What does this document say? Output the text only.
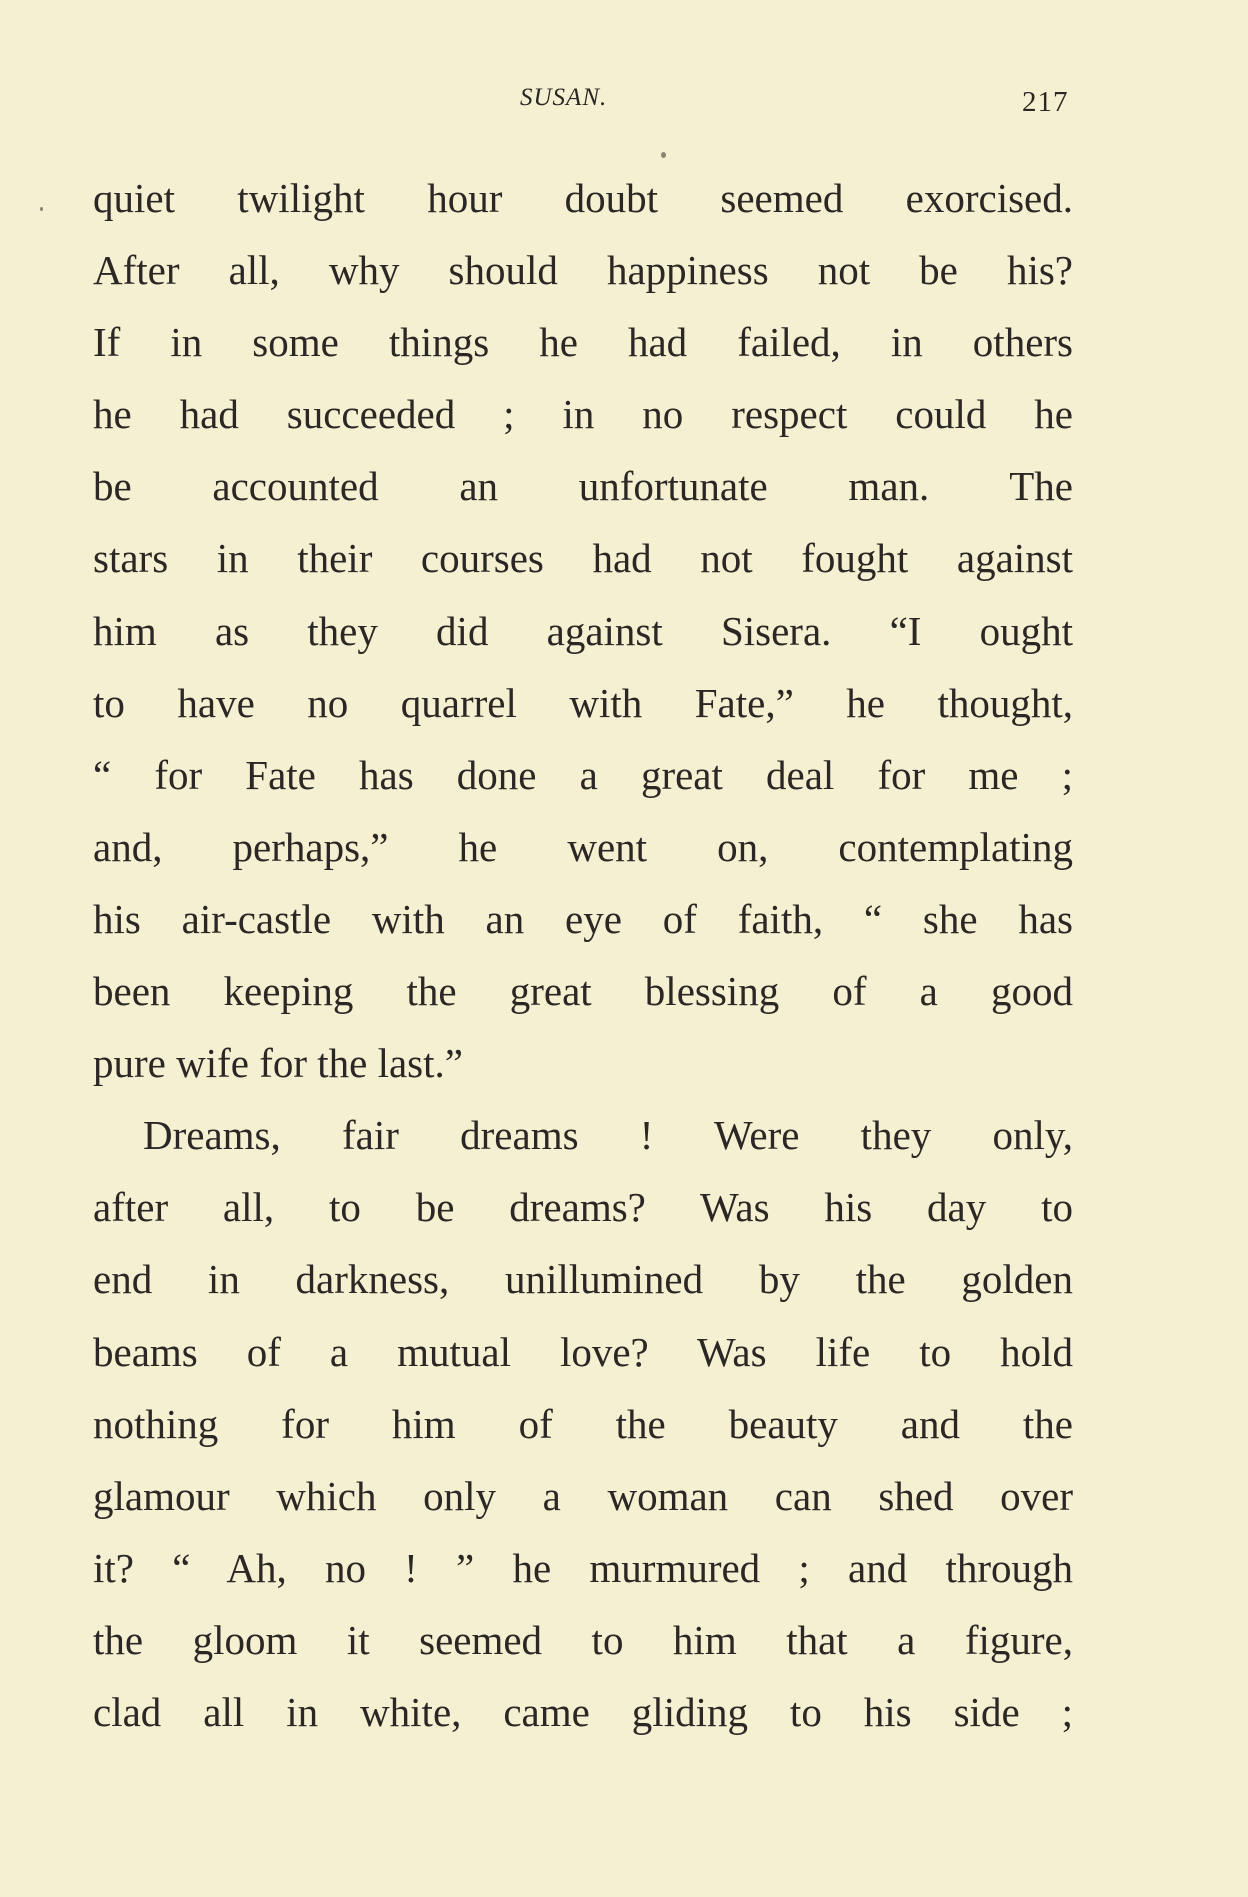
SUSAN.	217
quiet twilight hour doubt seemed exorcised.
After all, why should happiness not be his?
If in some things he had failed, in others
he had succeeded ; in no respect could he
be accounted an unfortunate man. The
stars in their courses had not fought against
him as they did against Sisera. “I ought
to have no quarrel with Fate,” he thought,
“ for Fate has done a great deal for me ;
and, perhaps,” he went on, contemplating
his air-castle with an eye of faith, “ she has
been keeping the great blessing of a good
pure wife for the last.”
Dreams, fair dreams ! Were they only,
after all, to be dreams? Was his day to
end in darkness, unillumined by the golden
beams of a mutual love? Was life to hold
nothing for him of the beauty and the
glamour which only a woman can shed over
it? “ Ah, no ! ” he murmured ; and through
the gloom it seemed to him that a figure,
clad all in white, came gliding to his side ;
